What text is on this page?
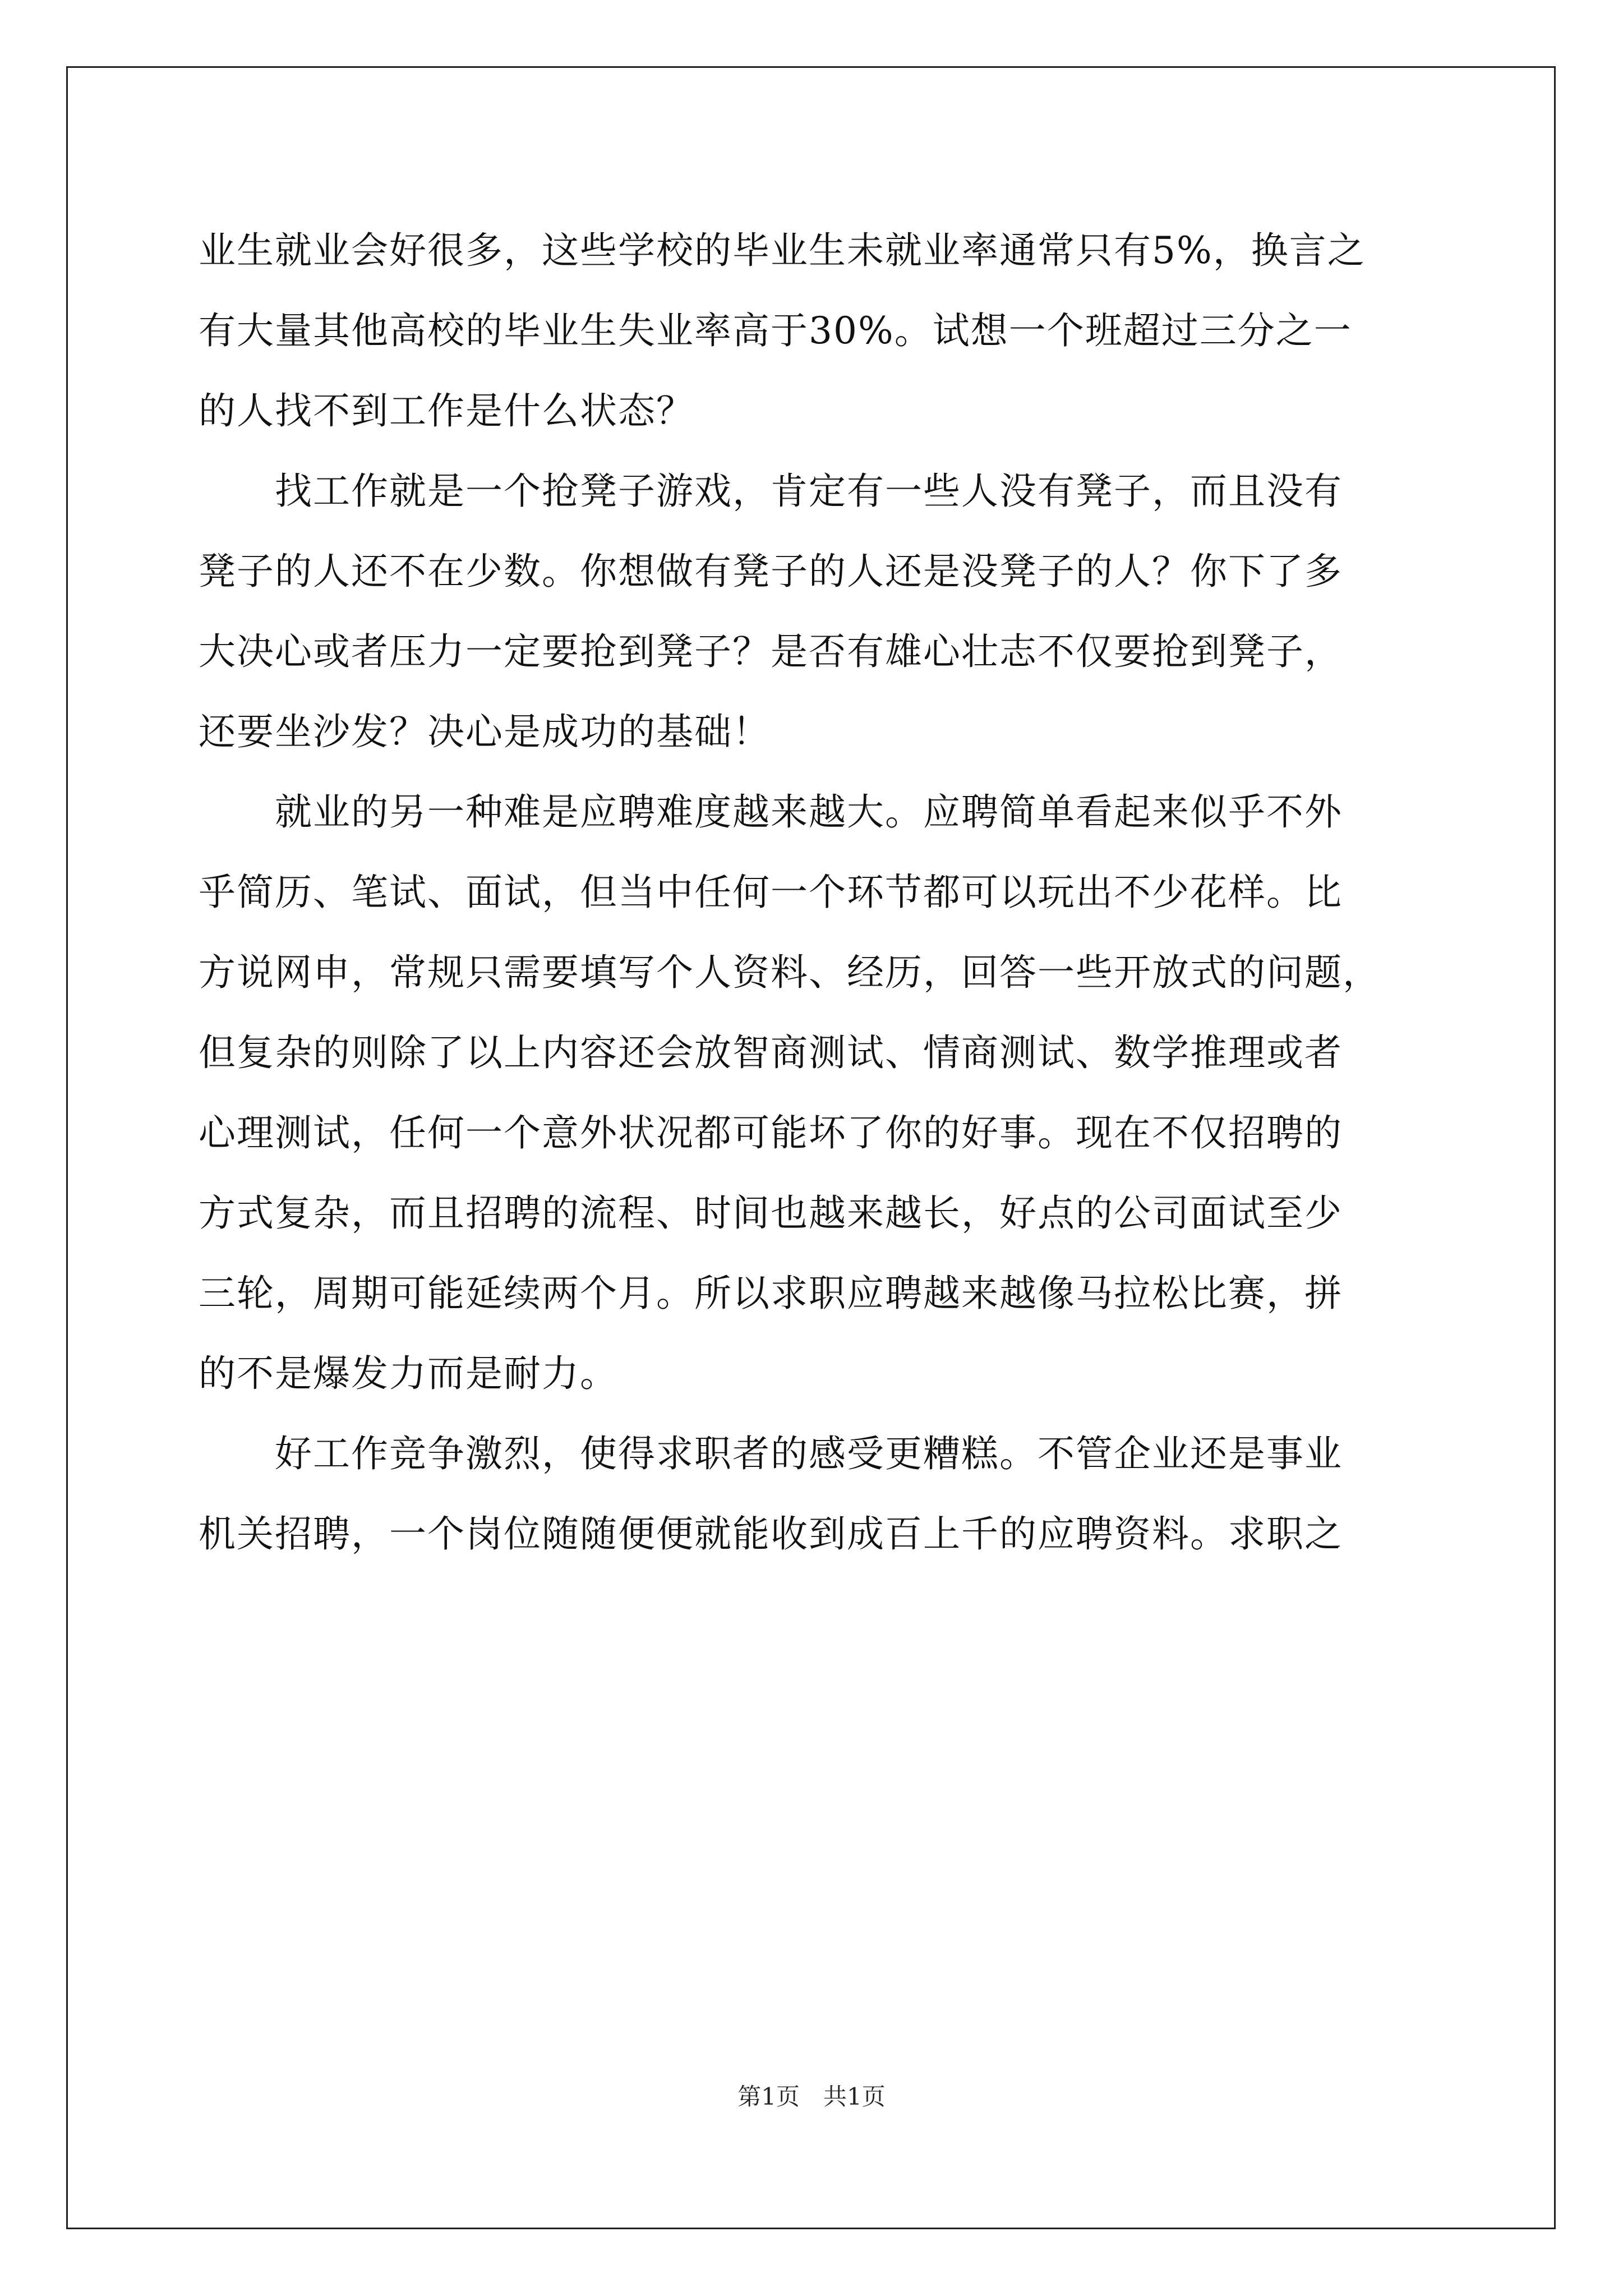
业生就业会好很多，这些学校的毕业生未就业率通常只有5%，换言之
有大量其他高校的毕业生失业率高于30%。试想一个班超过三分之一
的人找不到工作是什么状态？
　　找工作就是一个抢凳子游戏，肯定有一些人没有凳子，而且没有
凳子的人还不在少数。你想做有凳子的人还是没凳子的人？你下了多
大决心或者压力一定要抢到凳子？是否有雄心壮志不仅要抢到凳子，
还要坐沙发？决心是成功的基础！
　　就业的另一种难是应聘难度越来越大。应聘简单看起来似乎不外
乎简历、笔试、面试，但当中任何一个环节都可以玩出不少花样。比
方说网申，常规只需要填写个人资料、经历，回答一些开放式的问题，
但复杂的则除了以上内容还会放智商测试、情商测试、数学推理或者
心理测试，任何一个意外状况都可能坏了你的好事。现在不仅招聘的
方式复杂，而且招聘的流程、时间也越来越长，好点的公司面试至少
三轮，周期可能延续两个月。所以求职应聘越来越像马拉松比赛，拼
的不是爆发力而是耐力。
　　好工作竞争激烈，使得求职者的感受更糟糕。不管企业还是事业
机关招聘，一个岗位随随便便就能收到成百上千的应聘资料。求职之
第1页　共1页
